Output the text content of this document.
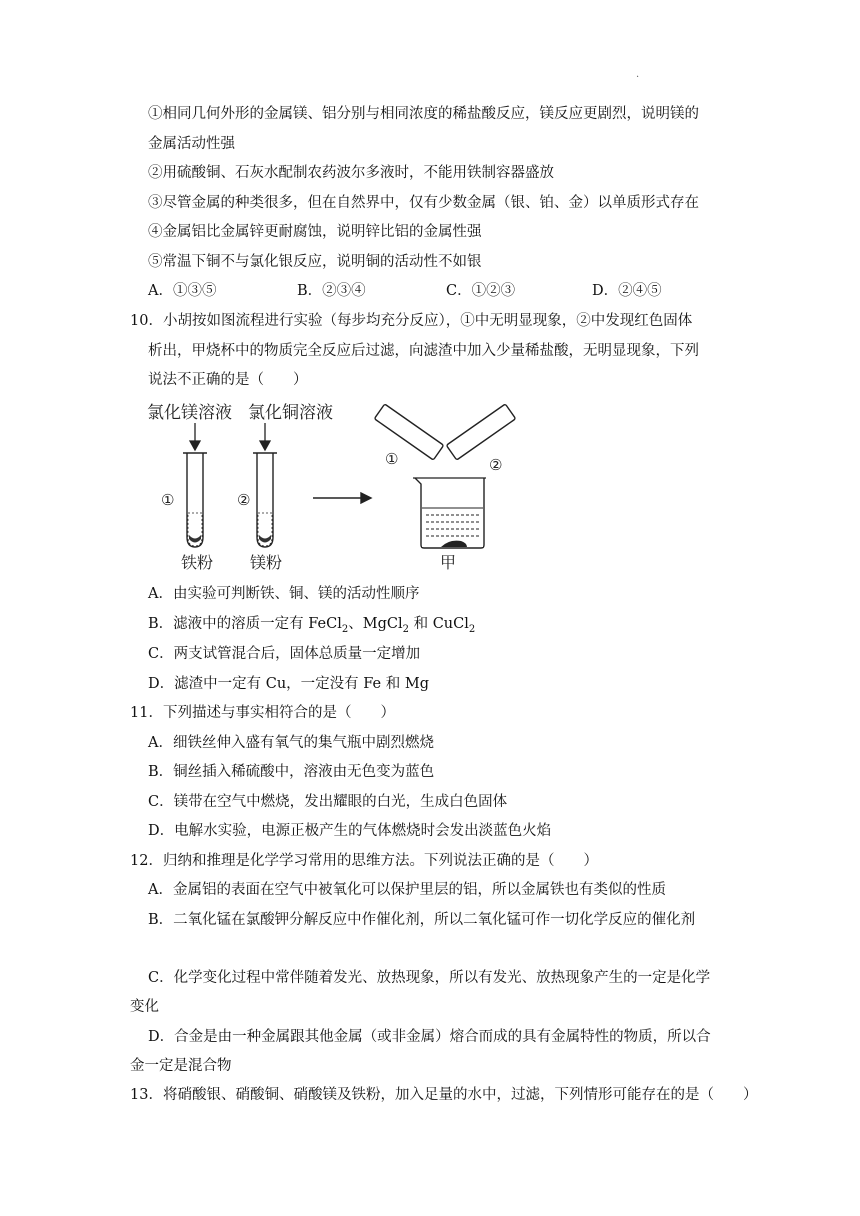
·
①相同几何外形的金属镁、铝分别与相同浓度的稀盐酸反应，镁反应更剧烈，说明镁的
金属活动性强
②用硫酸铜、石灰水配制农药波尔多液时，不能用铁制容器盛放
③尽管金属的种类很多，但在自然界中，仅有少数金属（银、铂、金）以单质形式存在
④金属铝比金属锌更耐腐蚀，说明锌比铝的金属性强
⑤常温下铜不与氯化银反应，说明铜的活动性不如银
A．①③⑤	B．②③④	C．①②③	D．②④⑤
10．小胡按如图流程进行实验（每步均充分反应），①中无明显现象，②中发现红色固体
析出，甲烧杯中的物质完全反应后过滤，向滤渣中加入少量稀盐酸，无明显现象，下列
说法不正确的是（　　）
氯化镁溶液 氯化铜溶液
①	②
铁粉 镁粉
①	②
甲
A．由实验可判断铁、铜、镁的活动性顺序
B．滤液中的溶质一定有 FeCl$_2$、MgCl$_2$ 和 CuCl$_2$
C．两支试管混合后，固体总质量一定增加
D．滤渣中一定有 Cu，一定没有 Fe 和 Mg
11．下列描述与事实相符合的是（　　）
A．细铁丝伸入盛有氧气的集气瓶中剧烈燃烧
B．铜丝插入稀硫酸中，溶液由无色变为蓝色
C．镁带在空气中燃烧，发出耀眼的白光，生成白色固体
D．电解水实验，电源正极产生的气体燃烧时会发出淡蓝色火焰
12．归纳和推理是化学学习常用的思维方法。下列说法正确的是（　　）
A．金属铝的表面在空气中被氧化可以保护里层的铝，所以金属铁也有类似的性质
B．二氧化锰在氯酸钾分解反应中作催化剂，所以二氧化锰可作一切化学反应的催化剂
C．化学变化过程中常伴随着发光、放热现象，所以有发光、放热现象产生的一定是化学
变化
D．合金是由一种金属跟其他金属（或非金属）熔合而成的具有金属特性的物质，所以合
金一定是混合物
13．将硝酸银、硝酸铜、硝酸镁及铁粉，加入足量的水中，过滤，下列情形可能存在的是（　　）
